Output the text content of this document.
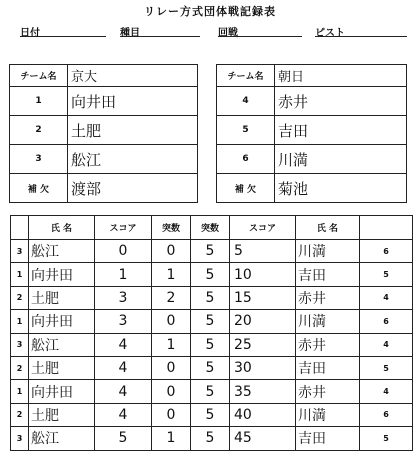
リレー方式団体戦記録表
日付	種目	回戦	ピスト
チーム名	京大
1	向井田
2	土肥
3	舩江
補 欠	渡部
チーム名	朝日
4	赤井
5	吉田
6	川満
補 欠	菊池
	氏 名	スコア	突数	突数	スコア	氏 名	
3	舩江	0	0	5	5	川満	6
1	向井田	1	1	5	10	吉田	5
2	土肥	3	2	5	15	赤井	4
1	向井田	3	0	5	20	川満	6
3	舩江	4	1	5	25	赤井	4
2	土肥	4	0	5	30	吉田	5
1	向井田	4	0	5	35	赤井	4
2	土肥	4	0	5	40	川満	6
3	舩江	5	1	5	45	吉田	5
